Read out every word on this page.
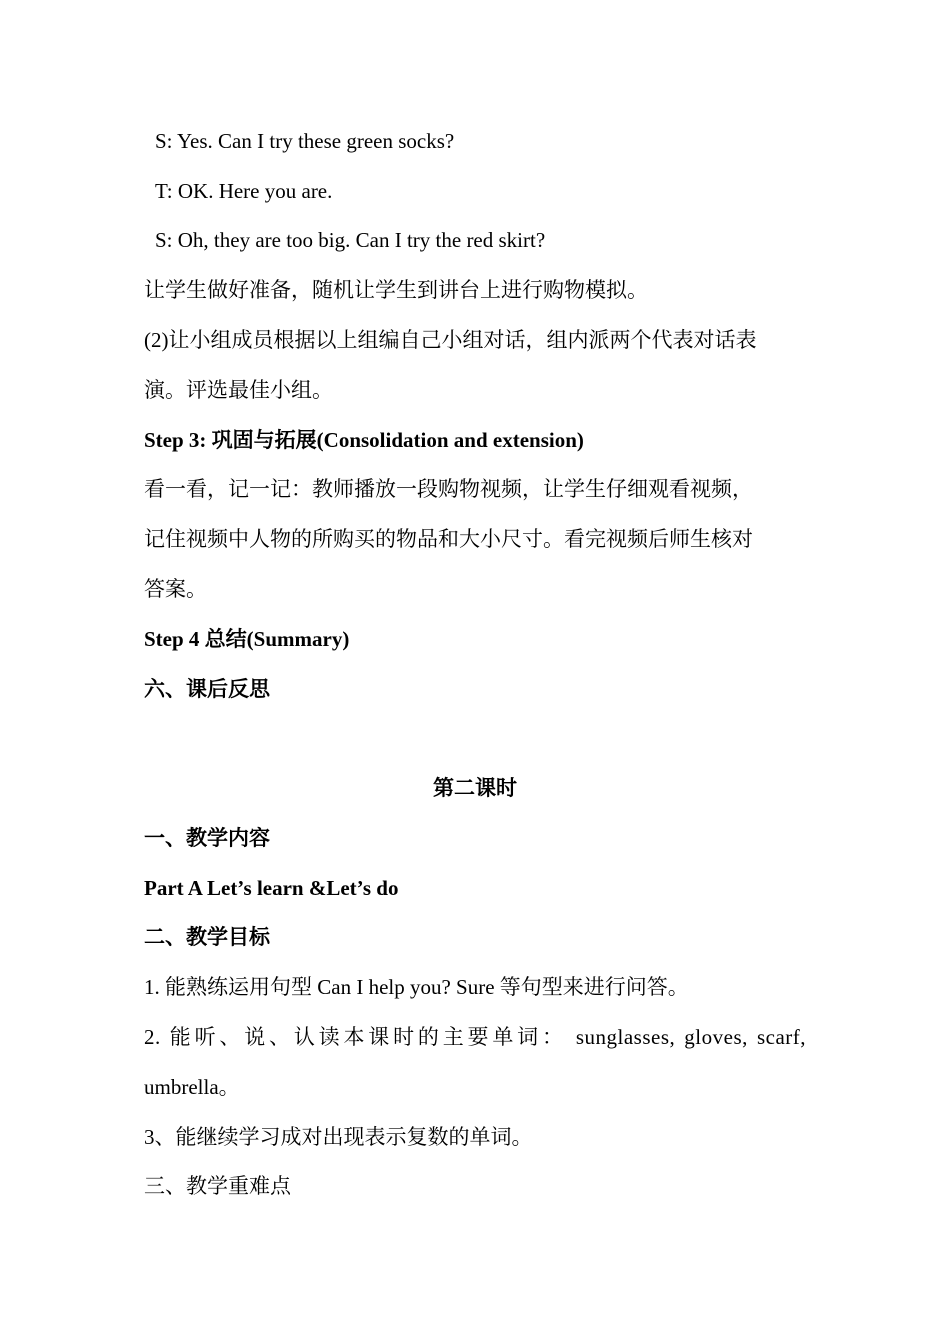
S: Yes. Can I try these green socks?
T: OK. Here you are.
S: Oh, they are too big. Can I try the red skirt?
让学生做好准备，随机让学生到讲台上进行购物模拟。
(2)让小组成员根据以上组编自己小组对话，组内派两个代表对话表
演。评选最佳小组。
Step 3: 巩固与拓展(Consolidation and extension)
看一看，记一记：教师播放一段购物视频，让学生仔细观看视频，
记住视频中人物的所购买的物品和大小尺寸。看完视频后师生核对
答案。
Step 4 总结(Summary)
六、课后反思
第二课时
一、教学内容
Part A Let’s learn &Let’s do
二、教学目标
1. 能熟练运用句型 Can I help you? Sure 等句型来进行问答。
2. 能听、说、认读本课时的主要单词： sunglasses, gloves, scarf,
umbrella。
3、能继续学习成对出现表示复数的单词。
三、教学重难点
